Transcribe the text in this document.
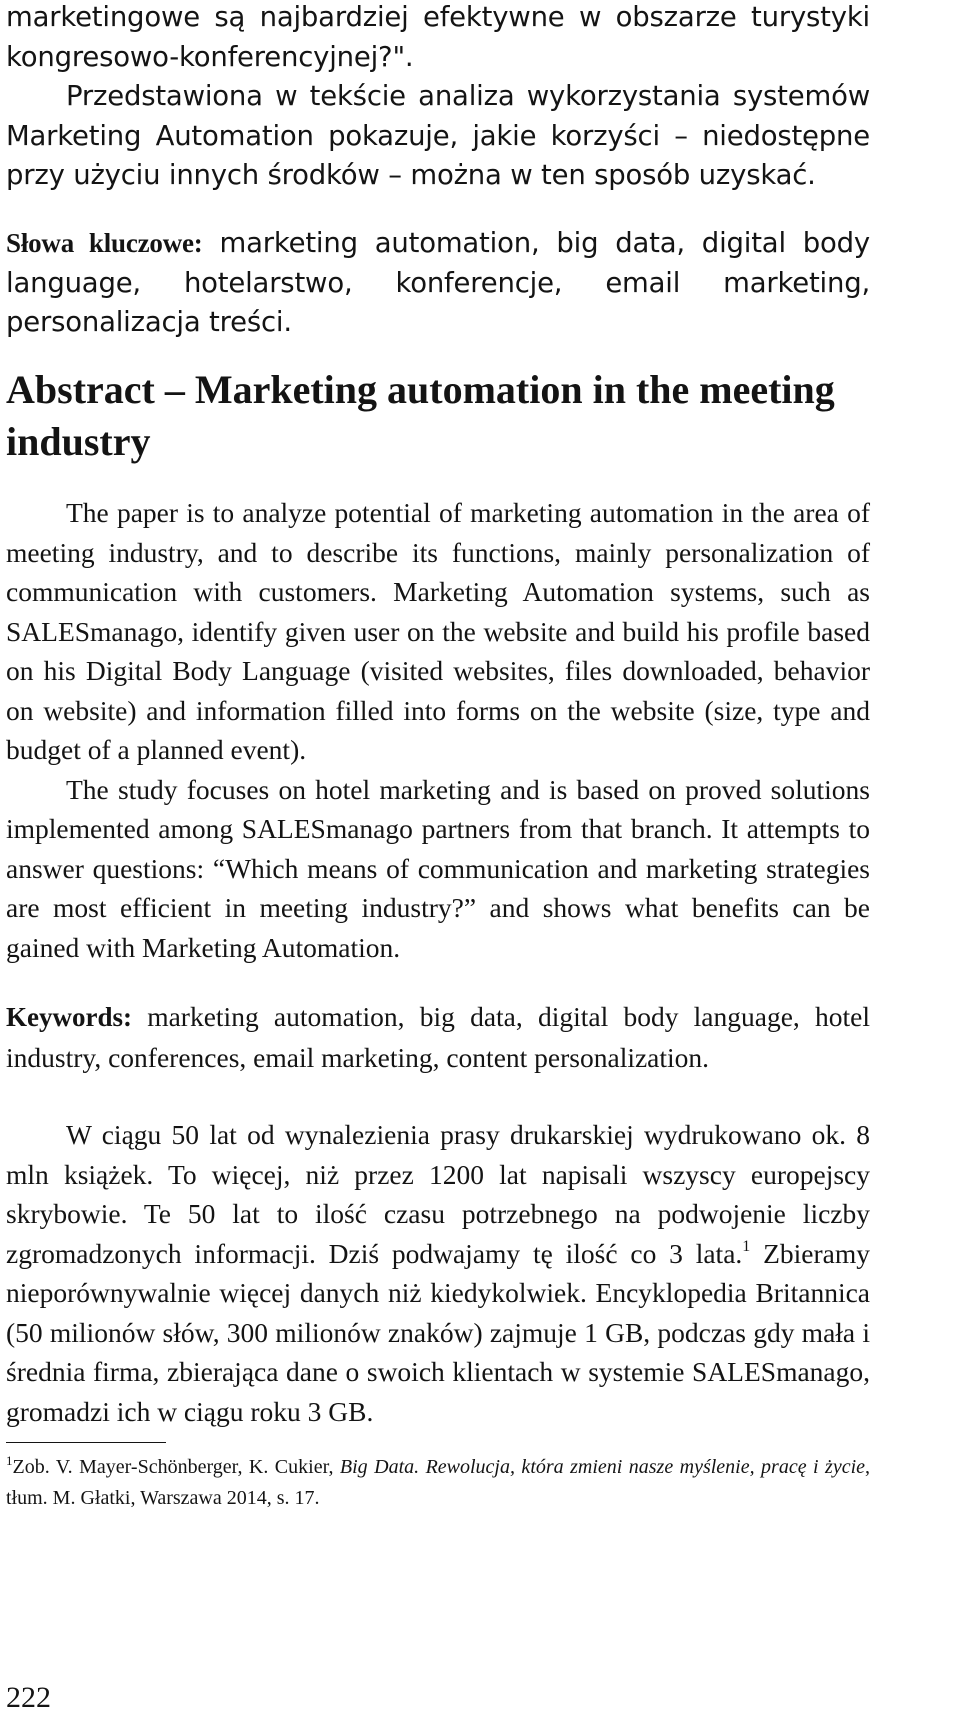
marketingowe są najbardziej efektywne w obszarze turystyki kongresowo-konferencyjnej?".

Przedstawiona w tekście analiza wykorzystania systemów Marketing Automation pokazuje, jakie korzyści – niedostępne przy użyciu innych środków – można w ten sposób uzyskać.

Słowa kluczowe: marketing automation, big data, digital body language, hotelarstwo, konferencje, email marketing, personalizacja treści.

Abstract – Marketing automation in the meeting industry

The paper is to analyze potential of marketing automation in the area of meeting industry, and to describe its functions, mainly personalization of communication with customers. Marketing Automation systems, such as SALESmanago, identify given user on the website and build his profile based on his Digital Body Language (visited websites, files downloaded, behavior on website) and information filled into forms on the website (size, type and budget of a planned event).

The study focuses on hotel marketing and is based on proved solutions implemented among SALESmanago partners from that branch. It attempts to answer questions: “Which means of communication and marketing strategies are most efficient in meeting industry?” and shows what benefits can be gained with Marketing Automation.

Keywords: marketing automation, big data, digital body language, hotel industry, conferences, email marketing, content personalization.

W ciągu 50 lat od wynalezienia prasy drukarskiej wydrukowano ok. 8 mln książek. To więcej, niż przez 1200 lat napisali wszyscy europejscy skrybowie. Te 50 lat to ilość czasu potrzebnego na podwojenie liczby zgromadzonych informacji. Dziś podwajamy tę ilość co 3 lata.$^1$ Zbieramy nieporównywalnie więcej danych niż kiedykolwiek. Encyklopedia Britannica (50 milionów słów, 300 milionów znaków) zajmuje 1 GB, podczas gdy mała i średnia firma, zbierająca dane o swoich klientach w systemie SALESmanago, gromadzi ich w ciągu roku 3 GB.

$^1$Zob. V. Mayer-Schönberger, K. Cukier, Big Data. Rewolucja, która zmieni nasze myślenie, pracę i życie, tłum. M. Głatki, Warszawa 2014, s. 17.

222
